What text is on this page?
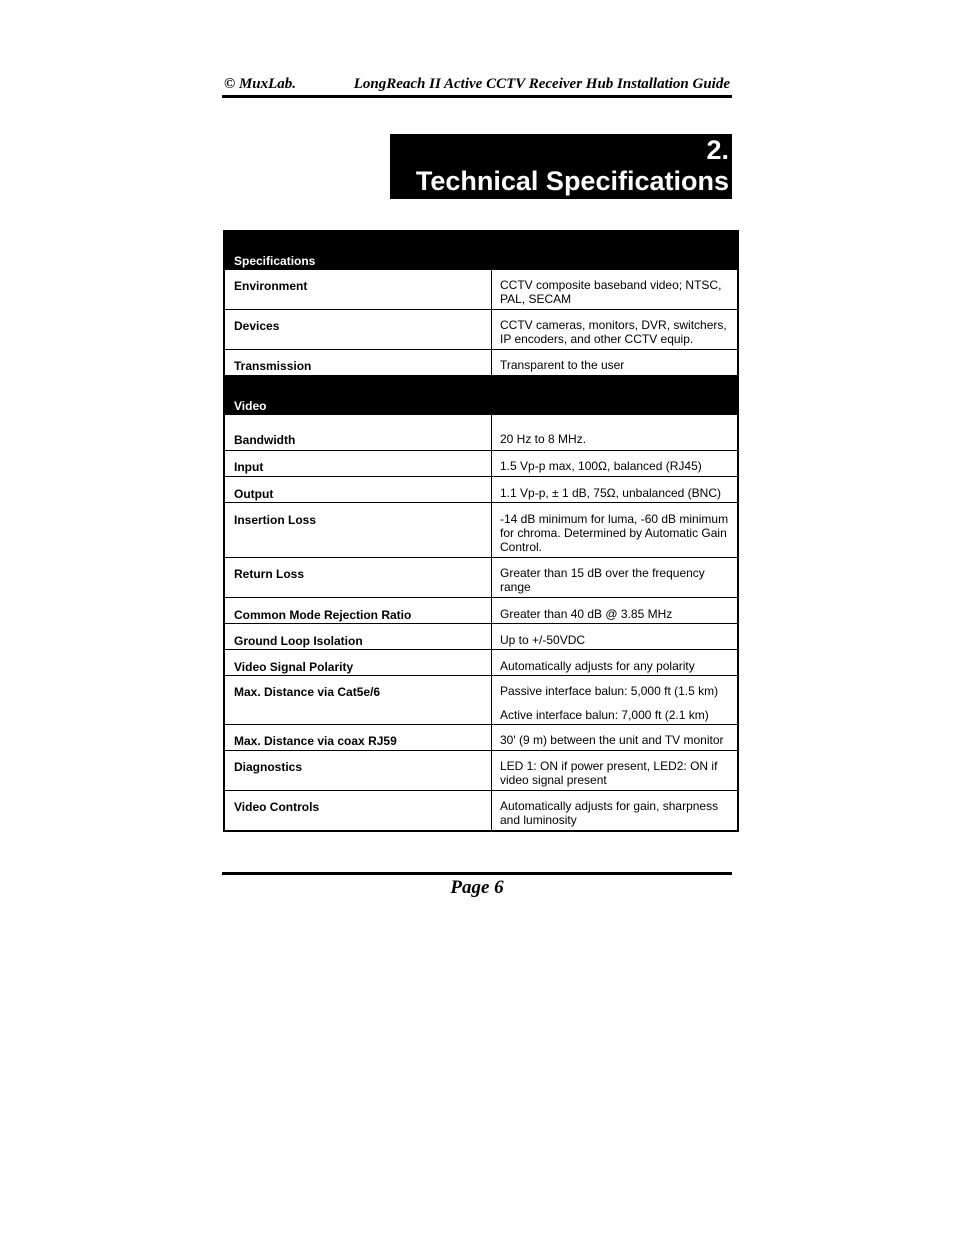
© MuxLab.	LongReach II Active CCTV Receiver Hub Installation Guide
2.
Technical Specifications
Specifications	
Environment	CCTV composite baseband video; NTSC,
PAL, SECAM

Devices	CCTV cameras, monitors, DVR, switchers,
IP encoders, and other CCTV equip.

Transmission	Transparent to the user

Video	
Bandwidth	20 Hz to 8 MHz.

Input	1.5 Vp-p max, 100Ω, balanced (RJ45)

Output	1.1 Vp-p, ± 1 dB, 75Ω, unbalanced (BNC)

Insertion Loss	-14 dB minimum for luma, -60 dB minimum
for chroma. Determined by Automatic Gain
Control.

Return Loss	Greater than 15 dB over the frequency
range

Common Mode Rejection Ratio	Greater than 40 dB @ 3.85 MHz

Ground Loop Isolation	Up to +/-50VDC

Video Signal Polarity	Automatically adjusts for any polarity

Max. Distance via Cat5e/6	Passive interface balun: 5,000 ft (1.5 km)
Active interface balun: 7,000 ft (2.1 km)

Max. Distance via coax RJ59	30' (9 m) between the unit and TV monitor

Diagnostics	LED 1: ON if power present, LED2: ON if
video signal present

Video Controls	Automatically adjusts for gain, sharpness
and luminosity
Page 6
